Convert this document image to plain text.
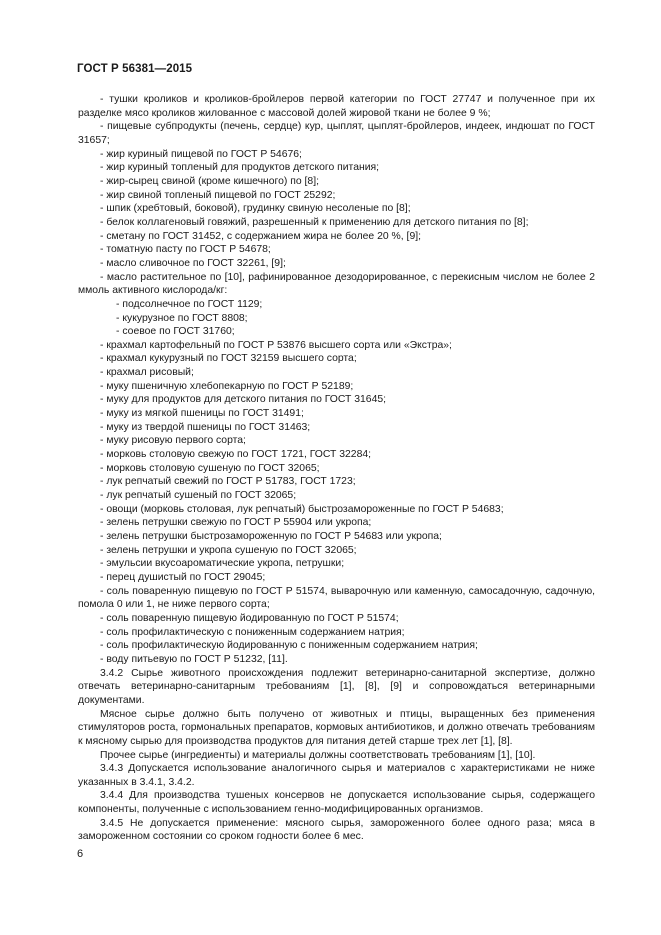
ГОСТ Р 56381—2015
- тушки кроликов и кроликов-бройлеров первой категории по ГОСТ 27747 и полученное при их разделке мясо кроликов жилованное с массовой долей жировой ткани не более 9 %;
- пищевые субпродукты (печень, сердце) кур, цыплят, цыплят-бройлеров, индеек, индюшат по ГОСТ 31657;
- жир куриный пищевой по ГОСТ Р 54676;
- жир куриный топленый для продуктов детского питания;
- жир-сырец свиной (кроме кишечного) по [8];
- жир свиной топленый пищевой по ГОСТ 25292;
- шпик (хребтовый, боковой), грудинку свиную несоленые по [8];
- белок коллагеновый говяжий, разрешенный к применению для детского питания по [8];
- сметану по ГОСТ 31452, с содержанием жира не более 20 %, [9];
- томатную пасту по ГОСТ Р 54678;
- масло сливочное по ГОСТ 32261, [9];
- масло растительное по [10], рафинированное дезодорированное, с перекисным числом не более 2 ммоль активного кислорода/кг:
- подсолнечное по ГОСТ 1129;
- кукурузное по ГОСТ 8808;
- соевое по ГОСТ 31760;
- крахмал картофельный по ГОСТ Р 53876 высшего сорта или «Экстра»;
- крахмал кукурузный по ГОСТ 32159 высшего сорта;
- крахмал рисовый;
- муку пшеничную хлебопекарную по ГОСТ Р 52189;
- муку для продуктов для детского питания по ГОСТ 31645;
- муку из мягкой пшеницы по ГОСТ 31491;
- муку из твердой пшеницы по ГОСТ 31463;
- муку рисовую первого сорта;
- морковь столовую свежую по ГОСТ 1721, ГОСТ 32284;
- морковь столовую сушеную по ГОСТ 32065;
- лук репчатый свежий по ГОСТ Р 51783, ГОСТ 1723;
- лук репчатый сушеный по ГОСТ 32065;
- овощи (морковь столовая, лук репчатый) быстрозамороженные по ГОСТ Р 54683;
- зелень петрушки свежую по ГОСТ Р 55904 или укропа;
- зелень петрушки быстрозамороженную по ГОСТ Р 54683 или укропа;
- зелень петрушки и укропа сушеную по ГОСТ 32065;
- эмульсии вкусоароматические укропа, петрушки;
- перец душистый по ГОСТ 29045;
- соль поваренную пищевую по ГОСТ Р 51574, выварочную или каменную, самосадочную, садочную, помола 0 или 1, не ниже первого сорта;
- соль поваренную пищевую йодированную по ГОСТ Р 51574;
- соль профилактическую с пониженным содержанием натрия;
- соль профилактическую йодированную с пониженным содержанием натрия;
- воду питьевую по ГОСТ Р 51232, [11].
3.4.2 Сырье животного происхождения подлежит ветеринарно-санитарной экспертизе, должно отвечать ветеринарно-санитарным требованиям [1], [8], [9] и сопровождаться ветеринарными документами.
Мясное сырье должно быть получено от животных и птицы, выращенных без применения стимуляторов роста, гормональных препаратов, кормовых антибиотиков, и должно отвечать требованиям к мясному сырью для производства продуктов для питания детей старше трех лет [1], [8].
Прочее сырье (ингредиенты) и материалы должны соответствовать требованиям [1], [10].
3.4.3 Допускается использование аналогичного сырья и материалов с характеристиками не ниже указанных в 3.4.1, 3.4.2.
3.4.4 Для производства тушеных консервов не допускается использование сырья, содержащего компоненты, полученные с использованием генно-модифицированных организмов.
3.4.5 Не допускается применение: мясного сырья, замороженного более одного раза; мяса в замороженном состоянии со сроком годности более 6 мес.
6
